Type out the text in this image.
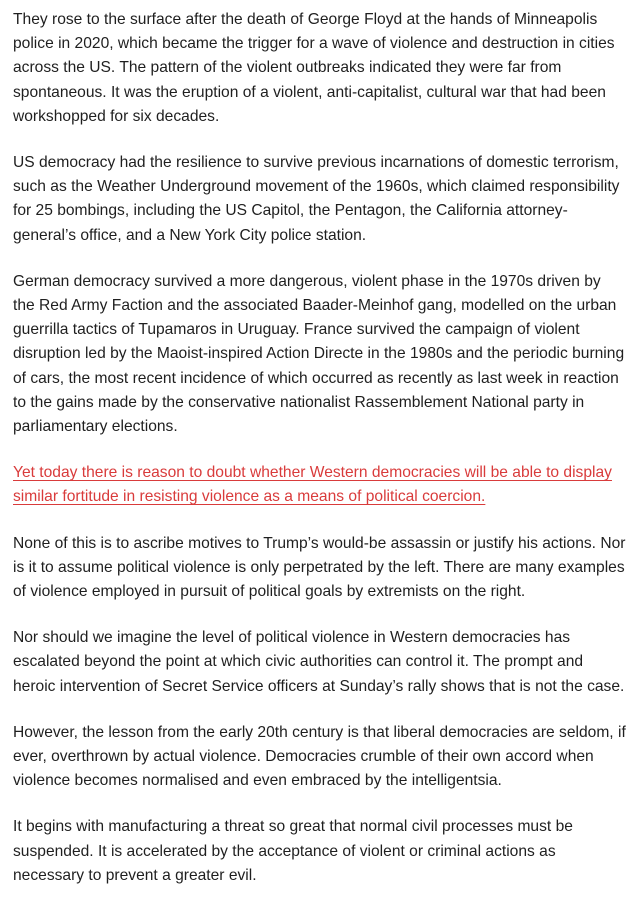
They rose to the surface after the death of George Floyd at the hands of Minneapolis police in 2020, which became the trigger for a wave of violence and destruction in cities across the US. The pattern of the violent outbreaks indicated they were far from spontaneous. It was the eruption of a violent, anti-capitalist, cultural war that had been workshopped for six decades.

US democracy had the resilience to survive previous incarnations of domestic terrorism, such as the Weather Underground movement of the 1960s, which claimed responsibility for 25 bombings, including the US Capitol, the Pentagon, the California attorney-general’s office, and a New York City police station.

German democracy survived a more dangerous, violent phase in the 1970s driven by the Red Army Faction and the associated Baader-Meinhof gang, modelled on the urban guerrilla tactics of Tupamaros in Uruguay. France survived the campaign of violent disruption led by the Maoist-inspired Action Directe in the 1980s and the periodic burning of cars, the most recent incidence of which occurred as recently as last week in reaction to the gains made by the conservative nationalist Rassemblement National party in parliamentary elections.

Yet today there is reason to doubt whether Western democracies will be able to display similar fortitude in resisting violence as a means of political coercion.

None of this is to ascribe motives to Trump’s would-be assassin or justify his actions. Nor is it to assume political violence is only perpetrated by the left. There are many examples of violence employed in pursuit of political goals by extremists on the right.

Nor should we imagine the level of political violence in Western democracies has escalated beyond the point at which civic authorities can control it. The prompt and heroic intervention of Secret Service officers at Sunday’s rally shows that is not the case.

However, the lesson from the early 20th century is that liberal democracies are seldom, if ever, overthrown by actual violence. Democracies crumble of their own accord when violence becomes normalised and even embraced by the intelligentsia.

It begins with manufacturing a threat so great that normal civil processes must be suspended. It is accelerated by the acceptance of violent or criminal actions as necessary to prevent a greater evil.
